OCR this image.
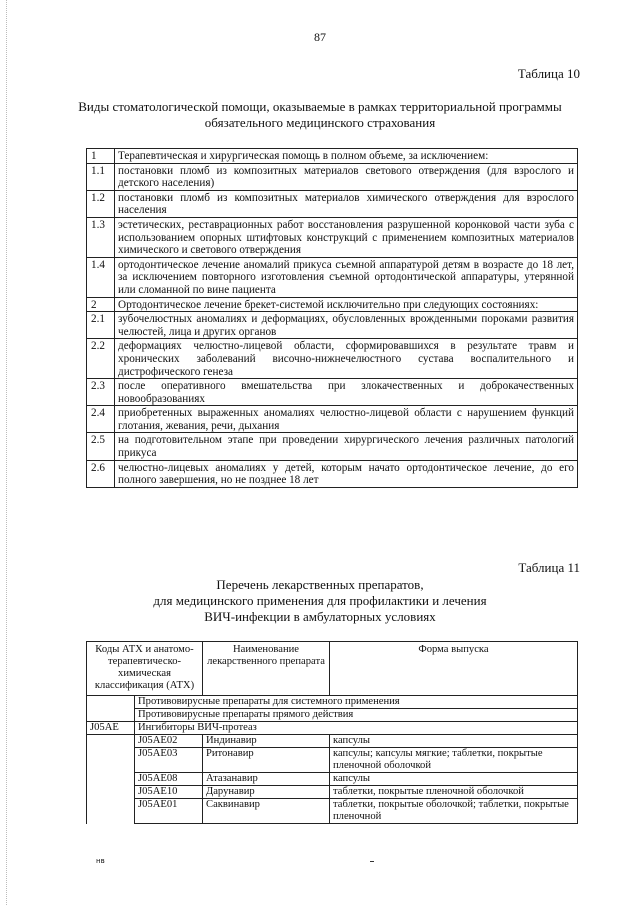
87
Таблица 10
Виды стоматологической помощи, оказываемые в рамках территориальной программы обязательного медицинского страхования
1	Терапевтическая и хирургическая помощь в полном объеме, за исключением:
1.1	постановки пломб из композитных материалов светового отверждения (для взрослого и детского населения)
1.2	постановки пломб из композитных материалов химического отверждения для взрослого населения
1.3	эстетических, реставрационных работ восстановления разрушенной коронковой части зуба с использованием опорных штифтовых конструкций с применением композитных материалов химического и светового отверждения
1.4	ортодонтическое лечение аномалий прикуса съемной аппаратурой детям в возрасте до 18 лет, за исключением повторного изготовления съемной ортодонтической аппаратуры, утерянной или сломанной по вине пациента
2	Ортодонтическое лечение брекет-системой исключительно при следующих состояниях:
2.1	зубочелюстных аномалиях и деформациях, обусловленных врожденными пороками развития челюстей, лица и других органов
2.2	деформациях челюстно-лицевой области, сформировавшихся в результате травм и хронических заболеваний височно-нижнечелюстного сустава воспалительного и дистрофического генеза
2.3	после оперативного вмешательства при злокачественных и доброкачественных новообразованиях
2.4	приобретенных выраженных аномалиях челюстно-лицевой области с нарушением функций глотания, жевания, речи, дыхания
2.5	на подготовительном этапе при проведении хирургического лечения различных патологий прикуса
2.6	челюстно-лицевых аномалиях у детей, которым начато ортодонтическое лечение, до его полного завершения, но не позднее 18 лет
Таблица 11
Перечень лекарственных препаратов,
для медицинского применения для профилактики и лечения
ВИЧ-инфекции в амбулаторных условиях
Коды АТХ и анатомо-терапевтическо-химическая классификация (АТХ)		Наименование лекарственного препарата	Форма выпуска
	Противовирусные препараты для системного применения		
	Противовирусные препараты прямого действия		
J05AE	Ингибиторы ВИЧ-протеаз		
	J05AE02	Индинавир	капсулы
	J05AE03	Ритонавир	капсулы; капсулы мягкие; таблетки, покрытые пленочной оболочкой
	J05AE08	Атазанавир	капсулы
	J05AE10	Дарунавир	таблетки, покрытые пленочной оболочкой
	J05AE01	Саквинавир	таблетки, покрытые оболочкой; таблетки, покрытые пленочной
нв
